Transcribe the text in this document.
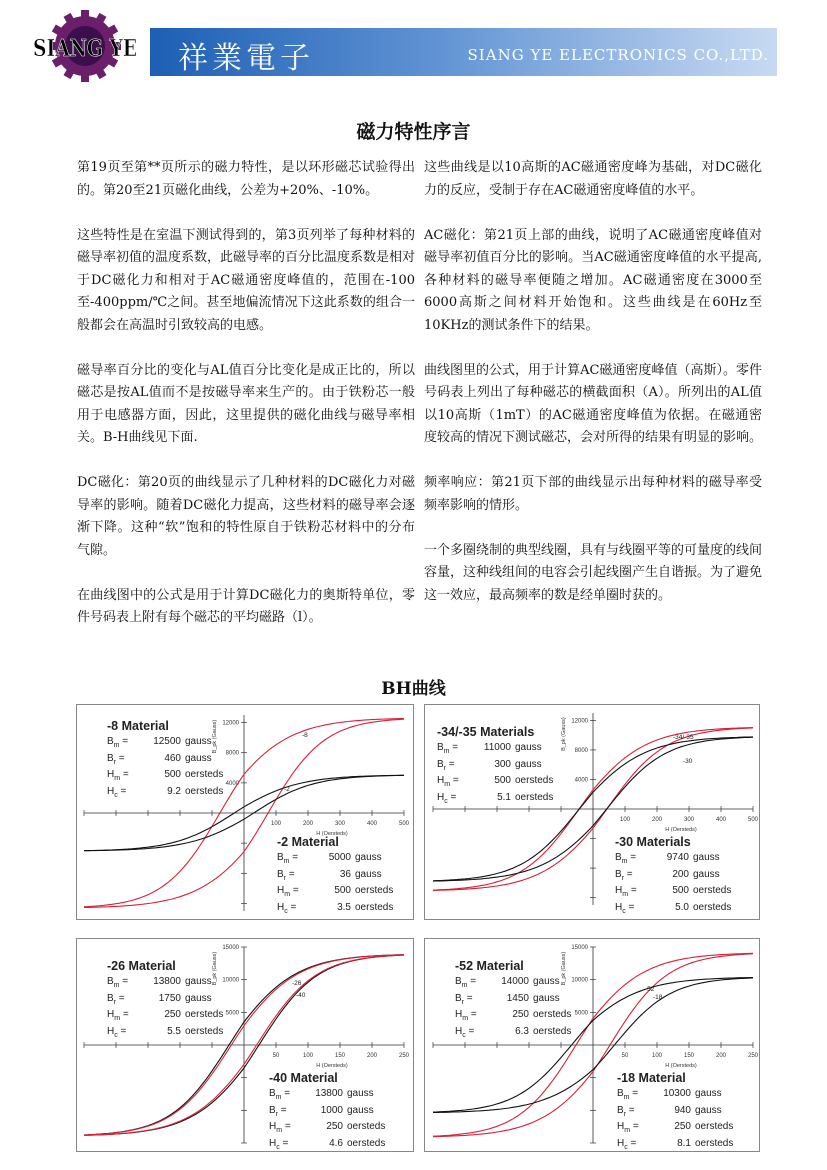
SIANG YE 祥業電子	SIANG YE ELECTRONICS CO.,LTD.
磁力特性序言

第19页至第**页所示的磁力特性，是以环形磁芯试验得出的。第20至21页磁化曲线，公差为+20%、-10%。

这些特性是在室温下测试得到的，第3页列举了每种材料的磁导率初值的温度系数，此磁导率的百分比温度系数是相对于DC磁化力和相对于AC磁通密度峰值的，范围在-100至-400ppm/℃之间。甚至地偏流情况下这此系数的组合一般都会在高温时引致较高的电感。

磁导率百分比的变化与AL值百分比变化是成正比的，所以磁芯是按AL值而不是按磁导率来生产的。由于铁粉芯一般用于电感器方面，因此，这里提供的磁化曲线与磁导率相关。B-H曲线见下面.

DC磁化：第20页的曲线显示了几种材料的DC磁化力对磁导率的影响。随着DC磁化力提高，这些材料的磁导率会逐渐下降。这种“软”饱和的特性原自于铁粉芯材料中的分布气隙。

在曲线图中的公式是用于计算DC磁化力的奥斯特单位，零件号码表上附有每个磁芯的平均磁路（l）。

这些曲线是以10高斯的AC磁通密度峰为基础，对DC磁化力的反应，受制于存在AC磁通密度峰值的水平。

AC磁化：第21页上部的曲线，说明了AC磁通密度峰值对磁导率初值百分比的影响。当AC磁通密度峰值的水平提高,各种材料的磁导率便随之增加。AC磁通密度在3000至6000高斯之间材料开始饱和。这些曲线是在60Hz至10KHz的测试条件下的结果。

曲线图里的公式，用于计算AC磁通密度峰值（高斯）。零件号码表上列出了每种磁芯的横截面积（A）。所列出的AL值以10高斯（1mT）的AC磁通密度峰值为依据。在磁通密度较高的情况下测试磁芯，会对所得的结果有明显的影响。

频率响应：第21页下部的曲线显示出每种材料的磁导率受频率影响的情形。

一个多圈绕制的典型线圈，具有与线圈平等的可量度的线间容量，这种线组间的电容会引起线圈产生自谐振。为了避免这一效应，最高频率的数是经单圈时获的。

BH曲线
100	200	300	400	500
H (Oersteds)
4000
8000
12000
B_pk (Gauss)	-8
-2
-8 Material
$B_m$ =	12500 gauss
$B_r$ =	460 gauss
$H_m$ =	500 oersteds
$H_c$ =	9.2 oersteds
-2 Material
$B_m$ =	5000 gauss
$B_r$ =	36 gauss
$H_m$ =	500 oersteds
$H_c$ =	3.5 oersteds
100	200	300	400	500
H (Oersteds)
4000
8000
12000
B_pk (Gauss)	-34/-35
-30
-34/-35 Materials
$B_m$ =	11000 gauss
$B_r$ =	300 gauss
$H_m$ =	500 oersteds
$H_c$ =	5.1 oersteds
-30 Materials
$B_m$ =	9740 gauss
$B_r$ =	200 gauss
$H_m$ =	500 oersteds
$H_c$ =	5.0 oersteds
50	100	150	200	250
H (Oersteds)
5000
10000
15000
B_pk (Gauss)	-26
-40
-26 Material
$B_m$ =	13800 gauss
$B_r$ =	1750 gauss
$H_m$ =	250 oersteds
$H_c$ =	5.5 oersteds
-40 Material
$B_m$ =	13800 gauss
$B_r$ =	1000 gauss
$H_m$ =	250 oersteds
$H_c$ =	4.6 oersteds
50	100	150	200	250
H (Oersteds)
5000
10000
15000
B_pk (Gauss)
-52
-18
-52 Material
$B_m$ =	14000 gauss
$B_r$ =	1450 gauss
$H_m$ =	250 oersteds
$H_c$ =	6.3 oersteds
-18 Material
$B_m$ =	10300 gauss
$B_r$ =	940 gauss
$H_m$ =	250 oersteds
$H_c$ =	8.1 oersteds
